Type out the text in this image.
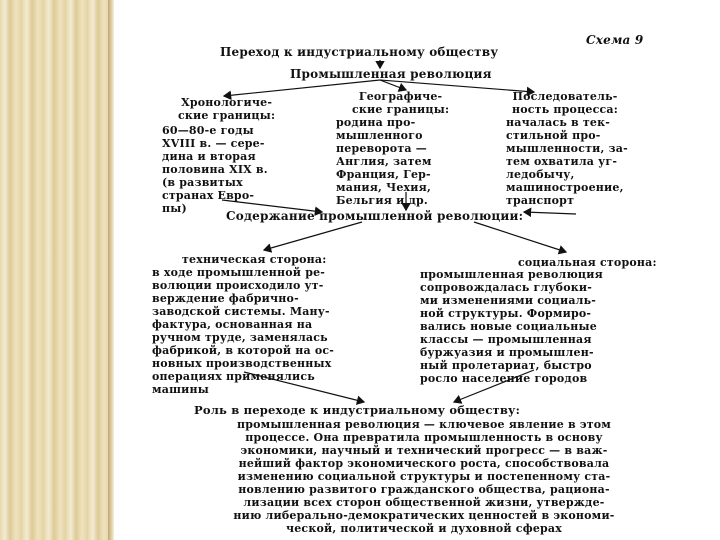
Схема 9
Переход к индустриальному обществу
Промышленная революция
Хронологиче-
ские границы:
60—80-е годы
XVIII в. — сере-
дина и вторая
половина XIX в.
(в развитых
странах Евро-
пы)
Географиче-
ские границы:
родина про-
мышленного
переворота —
Англия, затем
Франция, Гер-
мания, Чехия,
Бельгия и др.
Последователь-
ность процесса:
началась в тек-
стильной про-
мышленности, за-
тем охватила уг-
ледобычу,
машиностроение,
транспорт
Содержание промышленной революции:
техническая сторона:
в ходе промышленной ре-
волюции происходило ут-
верждение фабрично-
заводской системы. Ману-
фактура, основанная на
ручном труде, заменялась
фабрикой, в которой на ос-
новных производственных
операциях применялись
машины
социальная сторона:
промышленная революция
сопровождалась глубоки-
ми изменениями социаль-
ной структуры. Формиро-
вались новые социальные
классы — промышленная
буржуазия и промышлен-
ный пролетариат, быстро
росло население городов
Роль в переходе к индустриальному обществу:
промышленная революция — ключевое явление в этом
процессе. Она превратила промышленность в основу
экономики, научный и технический прогресс — в важ-
нейший фактор экономического роста, способствовала
изменению социальной структуры и постепенному ста-
новлению развитого гражданского общества, рациона-
лизации всех сторон общественной жизни, утвержде-
нию либерально-демократических ценностей в экономи-
ческой, политической и духовной сферах
